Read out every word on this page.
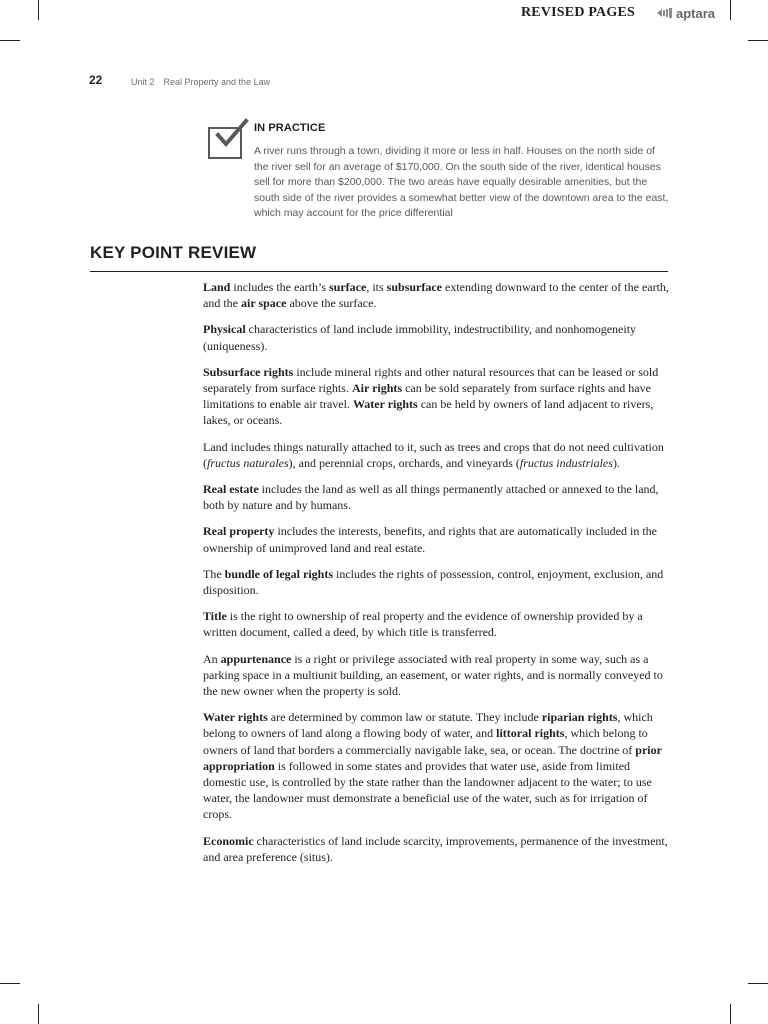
REVISED PAGES	aptara
22	Unit 2 Real Property and the Law
IN PRACTICE

A river runs through a town, dividing it more or less in half. Houses on the north side of the river sell for an average of $170,000. On the south side of the river, identical houses sell for more than $200,000. The two areas have equally desirable amenities, but the south side of the river provides a somewhat better view of the downtown area to the east, which may account for the price differential

KEY POINT REVIEW

Land includes the earth’s surface, its subsurface extending downward to the center of the earth, and the air space above the surface.

Physical characteristics of land include immobility, indestructibility, and nonhomogeneity (uniqueness).

Subsurface rights include mineral rights and other natural resources that can be leased or sold separately from surface rights. Air rights can be sold separately from surface rights and have limitations to enable air travel. Water rights can be held by owners of land adjacent to rivers, lakes, or oceans.

Land includes things naturally attached to it, such as trees and crops that do not need cultivation (fructus naturales), and perennial crops, orchards, and vineyards (fructus industriales).

Real estate includes the land as well as all things permanently attached or annexed to the land, both by nature and by humans.

Real property includes the interests, benefits, and rights that are automatically included in the ownership of unimproved land and real estate.

The bundle of legal rights includes the rights of possession, control, enjoyment, exclusion, and disposition.

Title is the right to ownership of real property and the evidence of ownership provided by a written document, called a deed, by which title is transferred.

An appurtenance is a right or privilege associated with real property in some way, such as a parking space in a multiunit building, an easement, or water rights, and is normally conveyed to the new owner when the property is sold.

Water rights are determined by common law or statute. They include riparian rights, which belong to owners of land along a flowing body of water, and littoral rights, which belong to owners of land that borders a commercially navigable lake, sea, or ocean. The doctrine of prior appropriation is followed in some states and provides that water use, aside from limited domestic use, is controlled by the state rather than the landowner adjacent to the water; to use water, the landowner must demonstrate a beneficial use of the water, such as for irrigation of crops.

Economic characteristics of land include scarcity, improvements, permanence of the investment, and area preference (situs).
